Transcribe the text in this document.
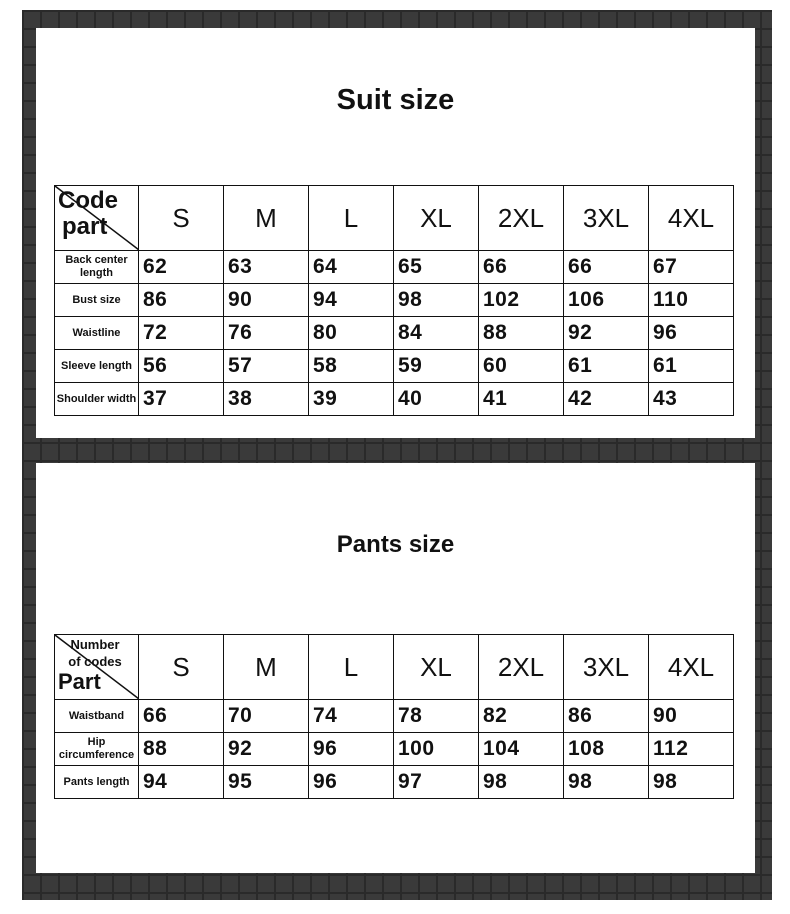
Suit size
Code
part	S	M	L	XL	2XL	3XL	4XL
Back center length	62	63	64	65	66	66	67
Bust size	86	90	94	98	102	106	110
Waistline	72	76	80	84	88	92	96
Sleeve length	56	57	58	59	60	61	61
Shoulder width	37	38	39	40	41	42	43
Pants size
Number of codes
Part	S	M	L	XL	2XL	3XL	4XL
Waistband	66	70	74	78	82	86	90
Hip circumference	88	92	96	100	104	108	112
Pants length	94	95	96	97	98	98	98
